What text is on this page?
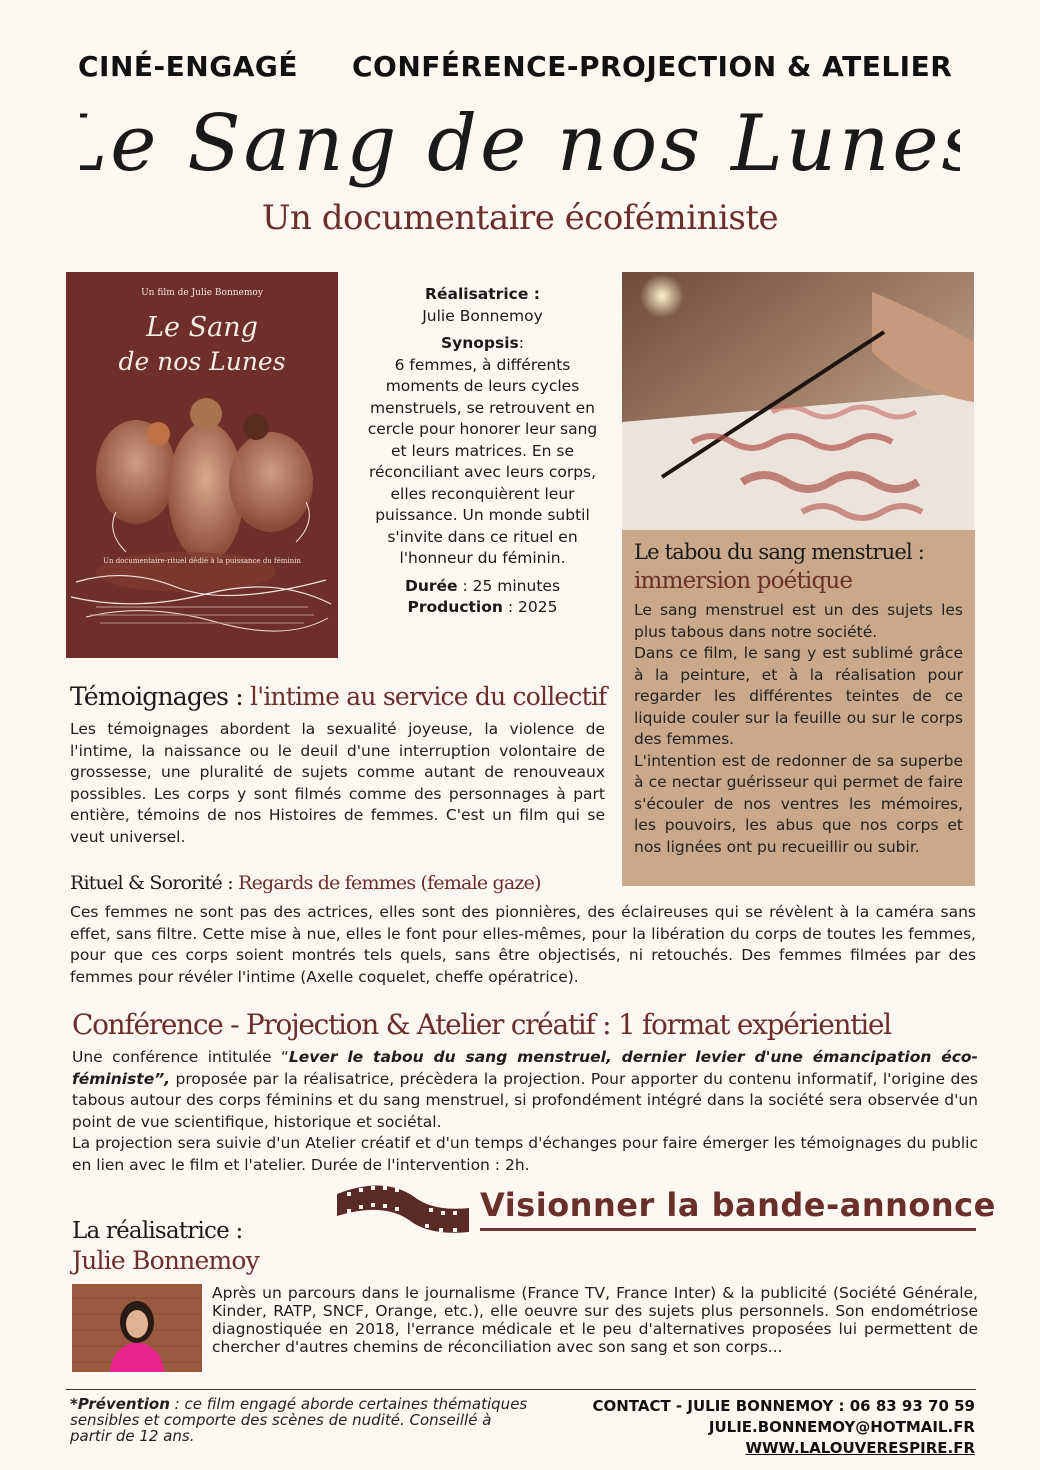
CINÉ-ENGAGÉ CONFÉRENCE-PROJECTION & ATELIER
Le Sang de nos Lunes
Un documentaire écoféministe
Un film de Julie Bonnemoy
Le Sang
de nos Lunes
Un documentaire-rituel dédié à la puissance du féminin
Réalisatrice :
Julie Bonnemoy
Synopsis:
6 femmes, à différents moments de leurs cycles menstruels, se retrouvent en cercle pour honorer leur sang et leurs matrices. En se réconciliant avec leurs corps, elles reconquièrent leur puissance. Un monde subtil s'invite dans ce rituel en l'honneur du féminin.
Durée : 25 minutes
Production : 2025
Le tabou du sang menstruel :
immersion poétique

Le sang menstruel est un des sujets les plus tabous dans notre société.

Dans ce film, le sang y est sublimé grâce à la peinture, et à la réalisation pour regarder les différentes teintes de ce liquide couler sur la feuille ou sur le corps des femmes.

L'intention est de redonner de sa superbe à ce nectar guérisseur qui permet de faire s'écouler de nos ventres les mémoires, les pouvoirs, les abus que nos corps et nos lignées ont pu recueillir ou subir.

Témoignages : l'intime au service du collectif
Les témoignages abordent la sexualité joyeuse, la violence de l'intime, la naissance ou le deuil d'une interruption volontaire de grossesse, une pluralité de sujets comme autant de renouveaux possibles. Les corps y sont filmés comme des personnages à part entière, témoins de nos Histoires de femmes. C'est un film qui se veut universel.
Rituel & Sororité : Regards de femmes (female gaze)
Ces femmes ne sont pas des actrices, elles sont des pionnières, des éclaireuses qui se révèlent à la caméra sans effet, sans filtre. Cette mise à nue, elles le font pour elles-mêmes, pour la libération du corps de toutes les femmes, pour que ces corps soient montrés tels quels, sans être objectisés, ni retouchés. Des femmes filmées par des femmes pour révéler l'intime (Axelle coquelet, cheffe opératrice).
Conférence - Projection & Atelier créatif : 1 format expérientiel
Une conférence intitulée “Lever le tabou du sang menstruel, dernier levier d'une émancipation éco-féministe”, proposée par la réalisatrice, précèdera la projection. Pour apporter du contenu informatif, l'origine des tabous autour des corps féminins et du sang menstruel, si profondément intégré dans la société sera observée d'un point de vue scientifique, historique et sociétal.
La projection sera suivie d'un Atelier créatif et d'un temps d'échanges pour faire émerger les témoignages du public en lien avec le film et l'atelier. Durée de l'intervention : 2h.
Visionner la bande-annonce
La réalisatrice :
Julie Bonnemoy
Après un parcours dans le journalisme (France TV, France Inter) & la publicité (Société Générale, Kinder, RATP, SNCF, Orange, etc.), elle oeuvre sur des sujets plus personnels. Son endométriose diagnostiquée en 2018, l'errance médicale et le peu d'alternatives proposées lui permettent de chercher d'autres chemins de réconciliation avec son sang et son corps...
*Prévention : ce film engagé aborde certaines thématiques sensibles et comporte des scènes de nudité. Conseillé à partir de 12 ans.
CONTACT - JULIE BONNEMOY : 06 83 93 70 59
JULIE.BONNEMOY@HOTMAIL.FR
WWW.LALOUVERESPIRE.FR
